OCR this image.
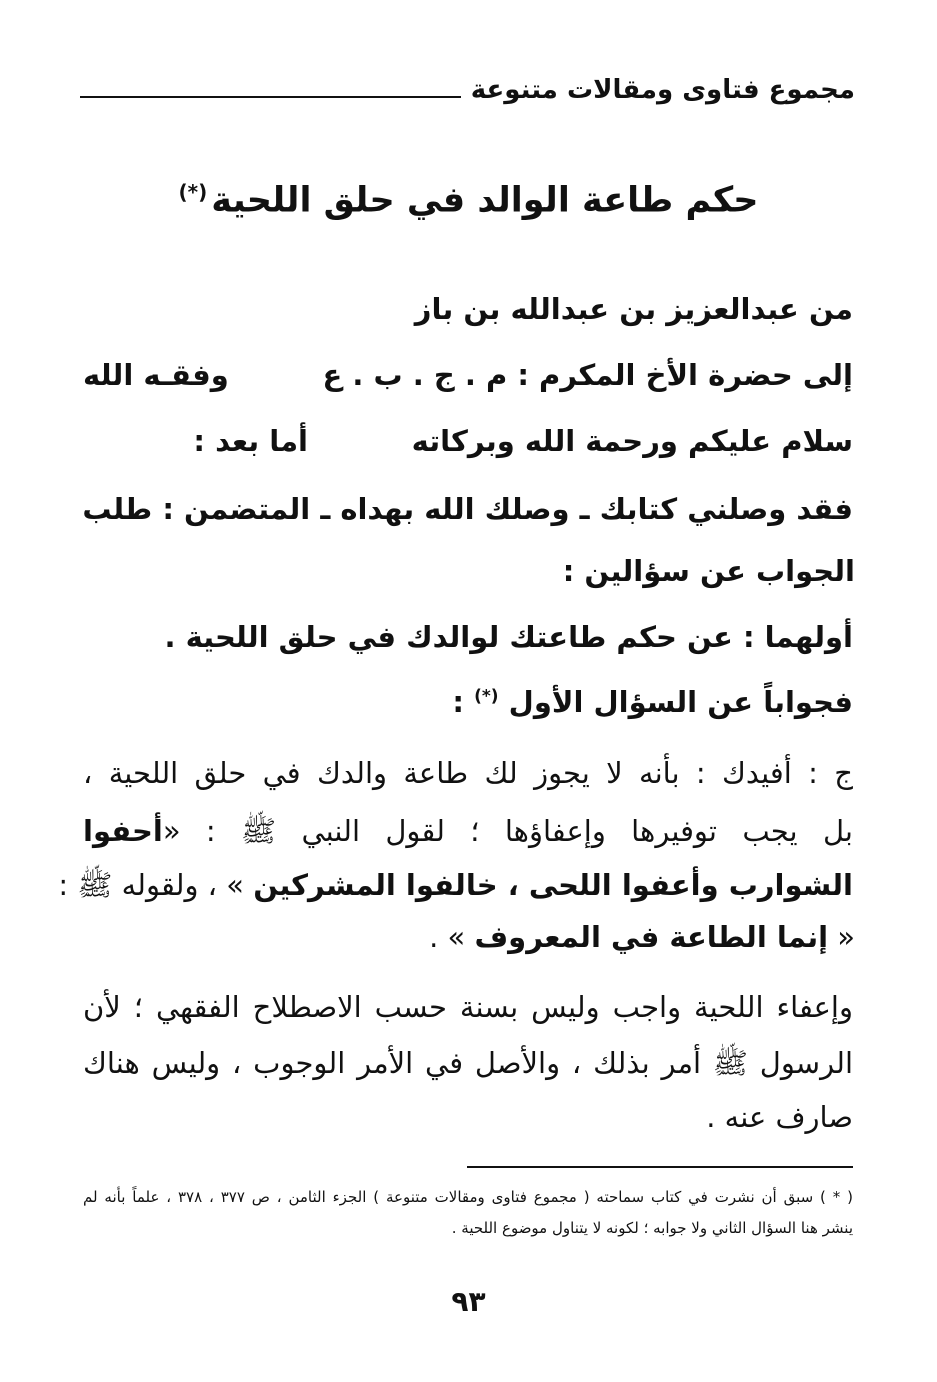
مجموع فتاوى ومقالات متنوعة
حكم طاعة الوالد في حلق اللحية(*)
من عبدالعزيز بن عبدالله بن باز
إلى حضرة الأخ المكرم : م . ج . ب . ع
وفقـه الله
سلام عليكم ورحمة الله وبركاته
أما بعد :
فقد وصلني كتابك ـ وصلك الله بهداه ـ المتضمن : طلب
الجواب عن سؤالين :
أولهما : عن حكم طاعتك لوالدك في حلق اللحية .
فجواباً عن السؤال الأول (*) :
ج : أفيدك : بأنه لا يجوز لك طاعة والدك في حلق اللحية ،
بل يجب توفيرها وإعفاؤها ؛ لقول النبي ﷺ : «أحفوا
الشوارب وأعفوا اللحى ، خالفوا المشركين » ، ولقوله ﷺ :
« إنما الطاعة في المعروف » .
وإعفاء اللحية واجب وليس بسنة حسب الاصطلاح الفقهي ؛ لأن
الرسول ﷺ أمر بذلك ، والأصل في الأمر الوجوب ، وليس هناك
صارف عنه .
( * ) سبق أن نشرت في كتاب سماحته ( مجموع فتاوى ومقالات متنوعة ) الجزء الثامن ، ص ٣٧٧ ، ٣٧٨ ، علماً بأنه لم
ينشر هنا السؤال الثاني ولا جوابه ؛ لكونه لا يتناول موضوع اللحية .
٩٣
